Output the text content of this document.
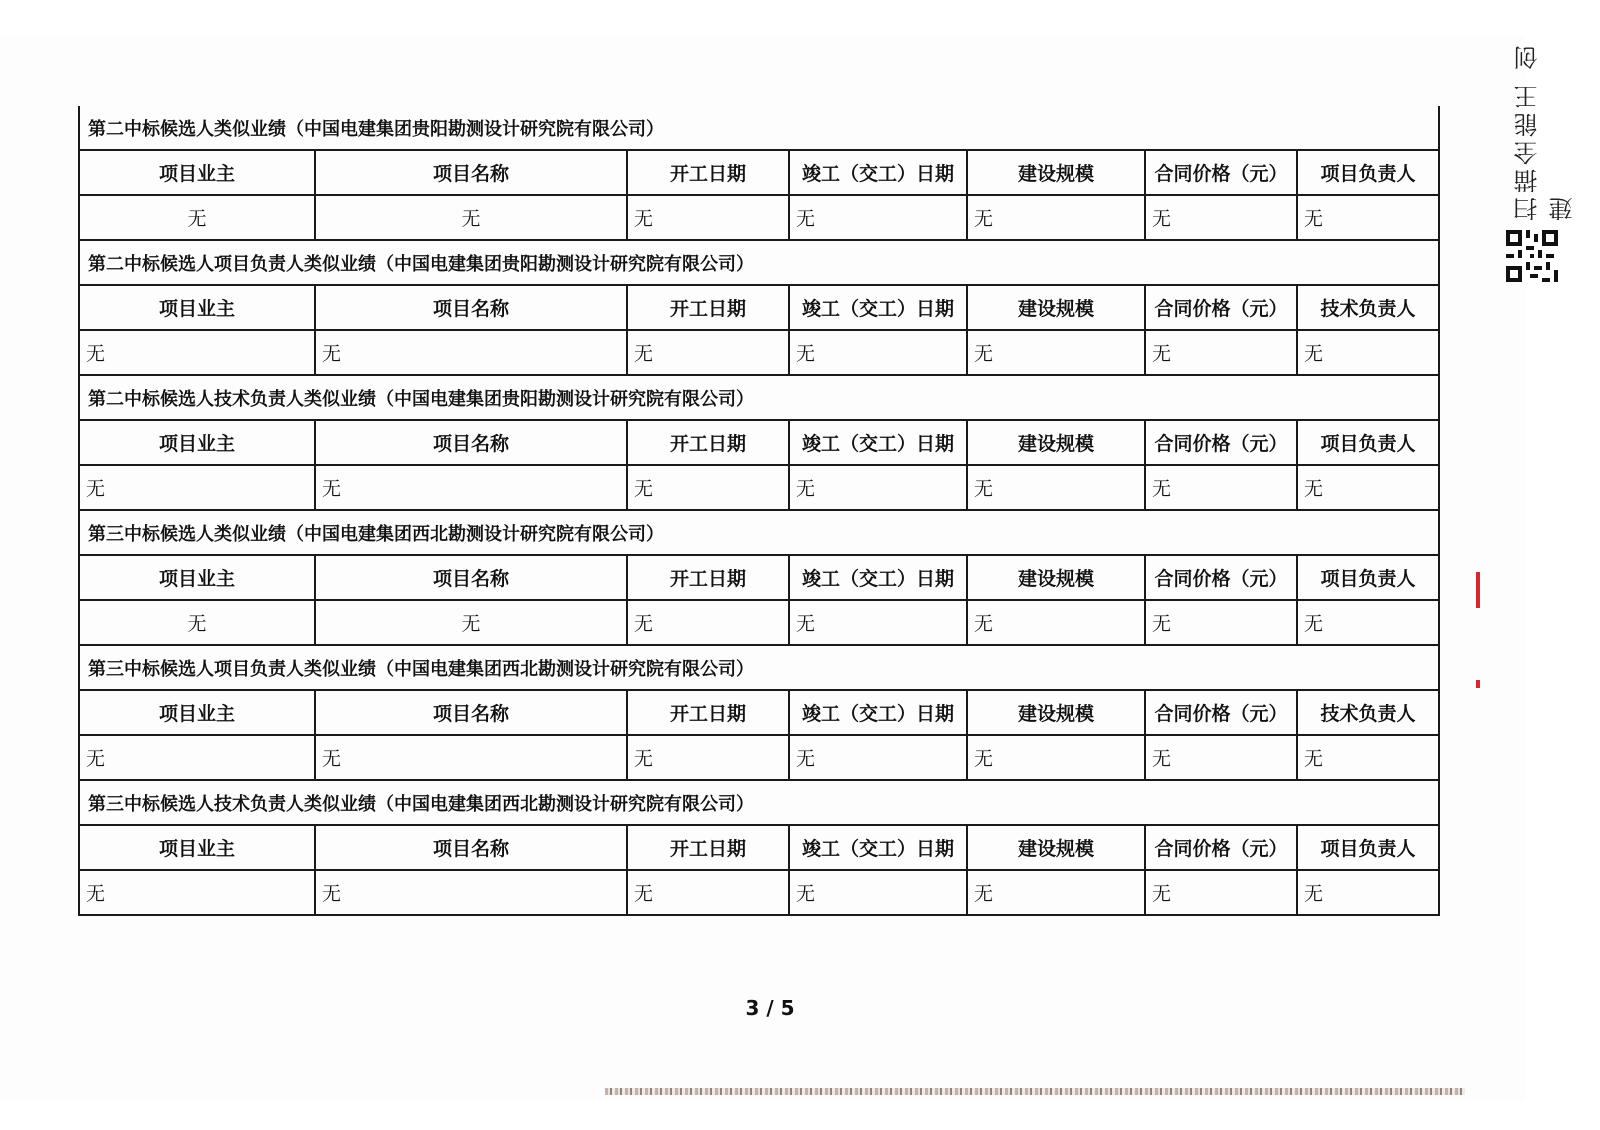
第二中标候选人类似业绩（中国电建集团贵阳勘测设计研究院有限公司）						
项目业主	项目名称	开工日期	竣工（交工）日期	建设规模	合同价格（元）	项目负责人
无	无	无	无	无	无	无
第二中标候选人项目负责人类似业绩（中国电建集团贵阳勘测设计研究院有限公司）						
项目业主	项目名称	开工日期	竣工（交工）日期	建设规模	合同价格（元）	技术负责人
无	无	无	无	无	无	无
第二中标候选人技术负责人类似业绩（中国电建集团贵阳勘测设计研究院有限公司）						
项目业主	项目名称	开工日期	竣工（交工）日期	建设规模	合同价格（元）	项目负责人
无	无	无	无	无	无	无
第三中标候选人类似业绩（中国电建集团西北勘测设计研究院有限公司）						
项目业主	项目名称	开工日期	竣工（交工）日期	建设规模	合同价格（元）	项目负责人
无	无	无	无	无	无	无
第三中标候选人项目负责人类似业绩（中国电建集团西北勘测设计研究院有限公司）						
项目业主	项目名称	开工日期	竣工（交工）日期	建设规模	合同价格（元）	技术负责人
无	无	无	无	无	无	无
第三中标候选人技术负责人类似业绩（中国电建集团西北勘测设计研究院有限公司）						
项目业主	项目名称	开工日期	竣工（交工）日期	建设规模	合同价格（元）	项目负责人
无	无	无	无	无	无	无
3 / 5
扫描全能王 创建
